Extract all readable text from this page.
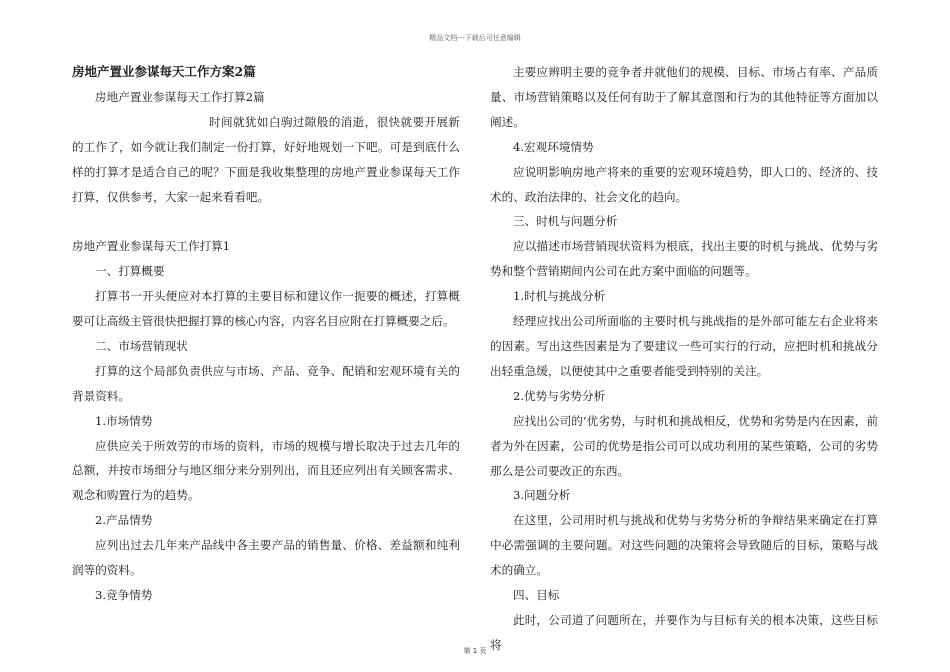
精品文档---下载后可任意编辑

房地产置业参谋每天工作方案2篇

房地产置业参谋每天工作打算2篇

时间就犹如白驹过隙般的消逝，很快就要开展新的工作了，如今就让我们制定一份打算，好好地规划一下吧。可是到底什么样的打算才是适合自己的呢？下面是我收集整理的房地产置业参谋每天工作打算，仅供参考，大家一起来看看吧。

房地产置业参谋每天工作打算1

一、打算概要

打算书一开头便应对本打算的主要目标和建议作一扼要的概述，打算概要可让高级主管很快把握打算的核心内容，内容名目应附在打算概要之后。

二、市场营销现状

打算的这个局部负责供应与市场、产品、竞争、配销和宏观环境有关的背景资料。

1.市场情势

应供应关于所效劳的市场的资料，市场的规模与增长取决于过去几年的总额，并按市场细分与地区细分来分别列出，而且还应列出有关顾客需求、观念和购置行为的趋势。

2.产品情势

应列出过去几年来产品线中各主要产品的销售量、价格、差益额和纯利润等的资料。

3.竞争情势

主要应辨明主要的竞争者并就他们的规模、目标、市场占有率、产品质量、市场营销策略以及任何有助于了解其意图和行为的其他特征等方面加以阐述。

4.宏观环境情势

应说明影响房地产将来的重要的宏观环境趋势，即人口的、经济的、技术的、政治法律的、社会文化的趋向。

三、时机与问题分析

应以描述市场营销现状资料为根底，找出主要的时机与挑战、优势与劣势和整个营销期间内公司在此方案中面临的问题等。

1.时机与挑战分析

经理应找出公司所面临的主要时机与挑战指的是外部可能左右企业将来的因素。写出这些因素是为了要建议一些可实行的行动，应把时机和挑战分出轻重急缓，以便使其中之重要者能受到特别的关注。

2.优势与劣势分析

应找出公司的’优劣势，与时机和挑战相反，优势和劣势是内在因素，前者为外在因素，公司的优势是指公司可以成功利用的某些策略，公司的劣势那么是公司要改正的东西。

3.问题分析

在这里，公司用时机与挑战和优势与劣势分析的争辩结果来确定在打算中必需强调的主要问题。对这些问题的决策将会导致随后的目标，策略与战术的确立。

四、目标

此时，公司道了问题所在，并要作为与目标有关的根本决策，这些目标将

第 1 页
